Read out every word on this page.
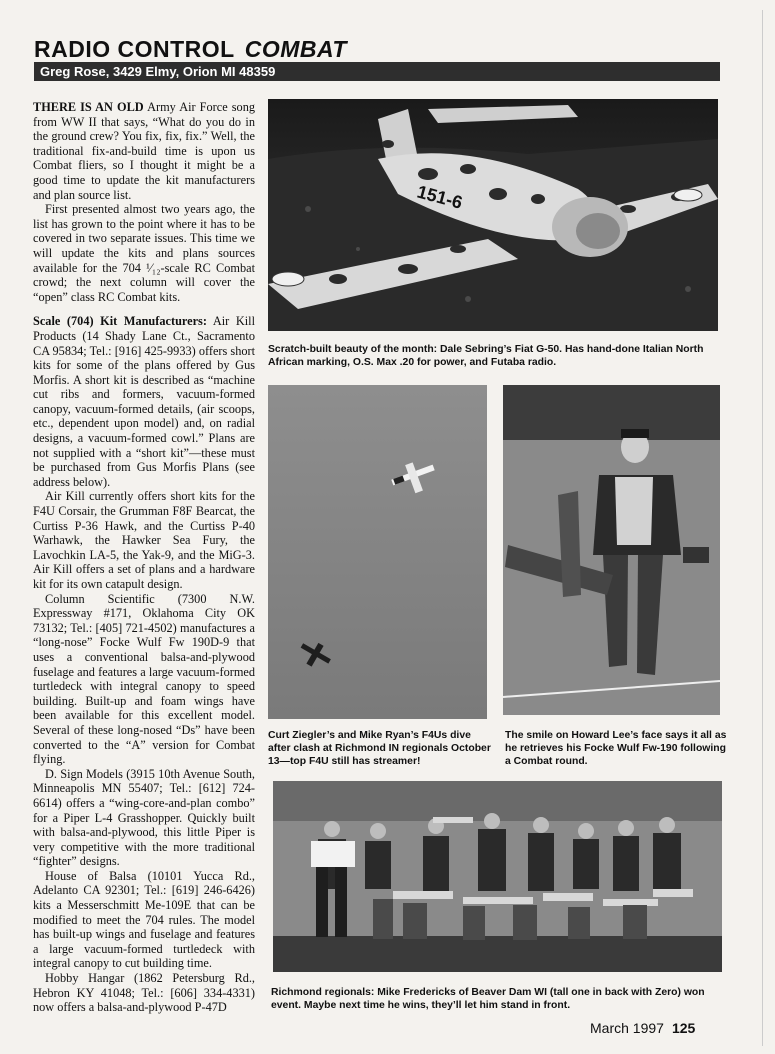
RADIO CONTROL COMBAT
Greg Rose, 3429 Elmy, Orion MI 48359

THERE IS AN OLD Army Air Force song from WW II that says, “What do you do in the ground crew? You fix, fix, fix.” Well, the traditional fix-and-build time is upon us Combat fliers, so I thought it might be a good time to update the kit manufacturers and plan source list.

First presented almost two years ago, the list has grown to the point where it has to be covered in two separate issues. This time we will update the kits and plans sources available for the 704 ¹⁄₁₂-scale RC Combat crowd; the next column will cover the “open” class RC Combat kits.

Scale (704) Kit Manufacturers: Air Kill Products (14 Shady Lane Ct., Sacramento CA 95834; Tel.: [916] 425-9933) offers short kits for some of the plans offered by Gus Morfis. A short kit is described as “machine cut ribs and formers, vacuum-formed canopy, vacuum-formed details, (air scoops, etc., dependent upon model) and, on radial designs, a vacuum-formed cowl.” Plans are not supplied with a “short kit”—these must be purchased from Gus Morfis Plans (see address below).

Air Kill currently offers short kits for the F4U Corsair, the Grumman F8F Bearcat, the Curtiss P-36 Hawk, and the Curtiss P-40 Warhawk, the Hawker Sea Fury, the Lavochkin LA-5, the Yak-9, and the MiG-3. Air Kill offers a set of plans and a hardware kit for its own catapult design.

Column Scientific (7300 N.W. Expressway #171, Oklahoma City OK 73132; Tel.: [405] 721-4502) manufactures a “long-nose” Focke Wulf Fw 190D-9 that uses a conventional balsa-and-plywood fuselage and features a large vacuum-formed turtledeck with integral canopy to speed building. Built-up and foam wings have been available for this excellent model. Several of these long-nosed “Ds” have been converted to the “A” version for Combat flying.

D. Sign Models (3915 10th Avenue South, Minneapolis MN 55407; Tel.: [612] 724-6614) offers a “wing-core-and-plan combo” for a Piper L-4 Grasshopper. Quickly built with balsa-and-plywood, this little Piper is very competitive with the more traditional “fighter” designs.

House of Balsa (10101 Yucca Rd., Adelanto CA 92301; Tel.: [619] 246-6426) kits a Messerschmitt Me-109E that can be modified to meet the 704 rules. The model has built-up wings and fuselage and features a large vacuum-formed turtledeck with integral canopy to cut building time.

Hobby Hangar (1862 Petersburg Rd., Hebron KY 41048; Tel.: [606] 334-4331) now offers a balsa-and-plywood P-47D

151-6
Scratch-built beauty of the month: Dale Sebring’s Fiat G-50. Has hand-done Italian North African marking, O.S. Max .20 for power, and Futaba radio.
Curt Ziegler’s and Mike Ryan’s F4Us dive after clash at Richmond IN regionals October 13—top F4U still has streamer!
The smile on Howard Lee’s face says it all as he retrieves his Focke Wulf Fw-190 following a Combat round.
Richmond regionals: Mike Fredericks of Beaver Dam WI (tall one in back with Zero) won event. Maybe next time he wins, they’ll let him stand in front.
March 1997 125
